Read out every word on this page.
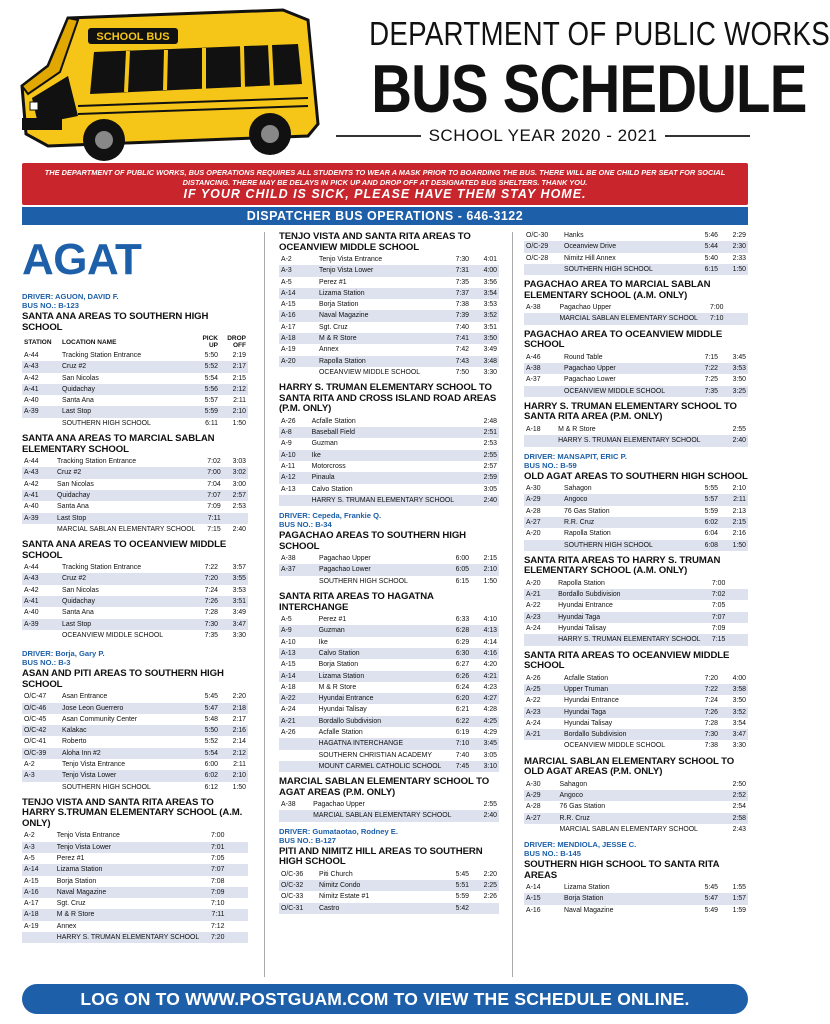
SCHOOL BUS	DEPARTMENT OF PUBLIC WORKS
BUS SCHEDULE
SCHOOL YEAR 2020 - 2021
THE DEPARTMENT OF PUBLIC WORKS, BUS OPERATIONS REQUIRES ALL STUDENTS TO WEAR A MASK PRIOR TO BOARDING THE BUS. THERE WILL BE ONE CHILD PER SEAT FOR SOCIAL DISTANCING. THERE MAY BE DELAYS IN PICK UP AND DROP OFF AT DESIGNATED BUS SHELTERS. THANK YOU.
IF YOUR CHILD IS SICK, PLEASE HAVE THEM STAY HOME.
DISPATCHER BUS OPERATIONS - 646-3122
AGAT
DRIVER: AGUON, DAVID F.
BUS NO.: B-123
SANTA ANA AREAS TO SOUTHERN HIGH SCHOOL
STATION	LOCATION NAME	PICK UP	DROP OFF
A-44	Tracking Station Entrance	5:50	2:19
A-43	Cruz #2	5:52	2:17
A-42	San Nicolas	5:54	2:15
A-41	Quidachay	5:56	2:12
A-40	Santa Ana	5:57	2:11
A-39	Last Stop	5:59	2:10
	SOUTHERN HIGH SCHOOL	6:11	1:50
SANTA ANA AREAS TO MARCIAL SABLAN ELEMENTARY SCHOOL
A-44	Tracking Station Entrance	7:02	3:03
A-43	Cruz #2	7:00	3:02
A-42	San Nicolas	7:04	3:00
A-41	Quidachay	7:07	2:57
A-40	Santa Ana	7:09	2:53
A-39	Last Stop	7:11	
	MARCIAL SABLAN ELEMENTARY SCHOOL	7:15	2:40
SANTA ANA AREAS TO OCEANVIEW MIDDLE SCHOOL
A-44	Tracking Station Entrance	7:22	3:57
A-43	Cruz #2	7:20	3:55
A-42	San Nicolas	7:24	3:53
A-41	Quidachay	7:26	3:51
A-40	Santa Ana	7:28	3:49
A-39	Last Stop	7:30	3:47
	OCEANVIEW MIDDLE SCHOOL	7:35	3:30
DRIVER: Borja, Gary P.
BUS NO.: B-3
ASAN AND PITI AREAS TO SOUTHERN HIGH SCHOOL
O/C-47	Asan Entrance	5:45	2:20
O/C-46	Jose Leon Guerrero	5:47	2:18
O/C-45	Asan Community Center	5:48	2:17
O/C-42	Kalakac	5:50	2:16
O/C-41	Roberto	5:52	2:14
O/C-39	Aloha Inn #2	5:54	2:12
A-2	Tenjo Vista Entrance	6:00	2:11
A-3	Tenjo Vista Lower	6:02	2:10
	SOUTHERN HIGH SCHOOL	6:12	1:50
TENJO VISTA AND SANTA RITA AREAS TO HARRY S.TRUMAN ELEMENTARY SCHOOL (A.M. ONLY)
A-2	Tenjo Vista Entrance	7:00	
A-3	Tenjo Vista Lower	7:01	
A-5	Perez #1	7:05	
A-14	Lizama Station	7:07	
A-15	Borja Station	7:08	
A-16	Naval Magazine	7:09	
A-17	Sgt. Cruz	7:10	
A-18	M & R Store	7:11	
A-19	Annex	7:12	
	HARRY S. TRUMAN ELEMENTARY SCHOOL	7:20	
TENJO VISTA AND SANTA RITA AREAS TO OCEANVIEW MIDDLE SCHOOL
A-2	Tenjo Vista Entrance	7:30	4:01
A-3	Tenjo Vista Lower	7:31	4:00
A-5	Perez #1	7:35	3:56
A-14	Lizama Station	7:37	3:54
A-15	Borja Station	7:38	3:53
A-16	Naval Magazine	7:39	3:52
A-17	Sgt. Cruz	7:40	3:51
A-18	M & R Store	7:41	3:50
A-19	Annex	7:42	3:49
A-20	Rapolla Station	7:43	3:48
	OCEANVIEW MIDDLE SCHOOL	7:50	3:30
HARRY S. TRUMAN ELEMENTARY SCHOOL TO SANTA RITA AND CROSS ISLAND ROAD AREAS (P.M. ONLY)
A-26	Acfalle Station		2:48
A-8	Baseball Field		2:51
A-9	Guzman		2:53
A-10	Ike		2:55
A-11	Motorcross		2:57
A-12	Pinaula		2:59
A-13	Calvo Station		3:05
	HARRY S. TRUMAN ELEMENTARY SCHOOL		2:40
DRIVER: Cepeda, Frankie Q.
BUS NO.: B-34
PAGACHAO AREAS TO SOUTHERN HIGH SCHOOL
A-38	Pagachao Upper	6:00	2:15
A-37	Pagachao Lower	6:05	2:10
	SOUTHERN HIGH SCHOOL	6:15	1:50
SANTA RITA AREAS TO HAGATNA INTERCHANGE
A-5	Perez #1	6:33	4:10
A-9	Guzman	6:28	4:13
A-10	Ike	6:29	4:14
A-13	Calvo Station	6:30	4:16
A-15	Borja Station	6:27	4:20
A-14	Lizama Station	6:26	4:21
A-18	M & R Store	6:24	4:23
A-22	Hyundai Entrance	6:20	4:27
A-24	Hyundai Talisay	6:21	4:28
A-21	Bordallo Subdivision	6:22	4:25
A-26	Acfalle Station	6:19	4:29
	HAGATNA INTERCHANGE	7:10	3:45
	SOUTHERN CHRISTIAN ACADEMY	7:40	3:05
	MOUNT CARMEL CATHOLIC SCHOOL	7:45	3:10
MARCIAL SABLAN ELEMENTARY SCHOOL TO AGAT AREAS (P.M. ONLY)
A-38	Pagachao Upper		2:55
	MARCIAL SABLAN ELEMENTARY SCHOOL		2:40
DRIVER: Gumataotao, Rodney E.
BUS NO.: B-127
PITI AND NIMITZ HILL AREAS TO SOUTHERN HIGH SCHOOL
O/C-36	Piti Church	5:45	2:20
O/C-32	Nimitz Condo	5:51	2:25
O/C-33	Nimitz Estate #1	5:59	2:26
O/C-31	Castro	5:42	
O/C-30	Hanks	5:46	2:29
O/C-29	Oceanview Drive	5:44	2:30
O/C-28	Nimitz Hill Annex	5:40	2:33
	SOUTHERN HIGH SCHOOL	6:15	1:50
PAGACHAO AREA TO MARCIAL SABLAN ELEMENTARY SCHOOL (A.M. ONLY)
A-38	Pagachao Upper	7:00	
	MARCIAL SABLAN ELEMENTARY SCHOOL	7:10	
PAGACHAO AREA TO OCEANVIEW MIDDLE SCHOOL
A-46	Round Table	7:15	3:45
A-38	Pagachao Upper	7:22	3:53
A-37	Pagachao Lower	7:25	3:50
	OCEANVIEW MIDDLE SCHOOL	7:35	3:25
HARRY S. TRUMAN ELEMENTARY SCHOOL TO SANTA RITA AREA (P.M. ONLY)
A-18	M & R Store		2:55
	HARRY S. TRUMAN ELEMENTARY SCHOOL		2:40
DRIVER: MANSAPIT, ERIC P.
BUS NO.: B-59
OLD AGAT AREAS TO SOUTHERN HIGH SCHOOL
A-30	Sahagon	5:55	2:10
A-29	Angoco	5:57	2:11
A-28	76 Gas Station	5:59	2:13
A-27	R.R. Cruz	6:02	2:15
A-20	Rapolla Station	6:04	2:16
	SOUTHERN HIGH SCHOOL	6:08	1:50
SANTA RITA AREAS TO HARRY S. TRUMAN ELEMENTARY SCHOOL (A.M. ONLY)
A-20	Rapolla Station	7:00	
A-21	Bordallo Subdivision	7:02	
A-22	Hyundai Entrance	7:05	
A-23	Hyundai Taga	7:07	
A-24	Hyundai Talisay	7:09	
	HARRY S. TRUMAN ELEMENTARY SCHOOL	7:15	
SANTA RITA AREAS TO OCEANVIEW MIDDLE SCHOOL
A-26	Acfalle Station	7:20	4:00
A-25	Upper Truman	7:22	3:58
A-22	Hyundai Entrance	7:24	3:50
A-23	Hyundai Taga	7:26	3:52
A-24	Hyundai Talisay	7:28	3:54
A-21	Bordallo Subdivision	7:30	3:47
	OCEANVIEW MIDDLE SCHOOL	7:38	3:30
MARCIAL SABLAN ELEMENTARY SCHOOL TO OLD AGAT AREAS (P.M. ONLY)
A-30	Sahagon		2:50
A-29	Angoco		2:52
A-28	76 Gas Station		2:54
A-27	R.R. Cruz		2:58
	MARCIAL SABLAN ELEMENTARY SCHOOL		2:43
DRIVER: MENDIOLA, JESSE C.
BUS NO.: B-145
SOUTHERN HIGH SCHOOL TO SANTA RITA AREAS
A-14	Lizama Station	5:45	1:55
A-15	Borja Station	5:47	1:57
A-16	Naval Magazine	5:49	1:59
LOG ON TO WWW.POSTGUAM.COM TO VIEW THE SCHEDULE ONLINE.
